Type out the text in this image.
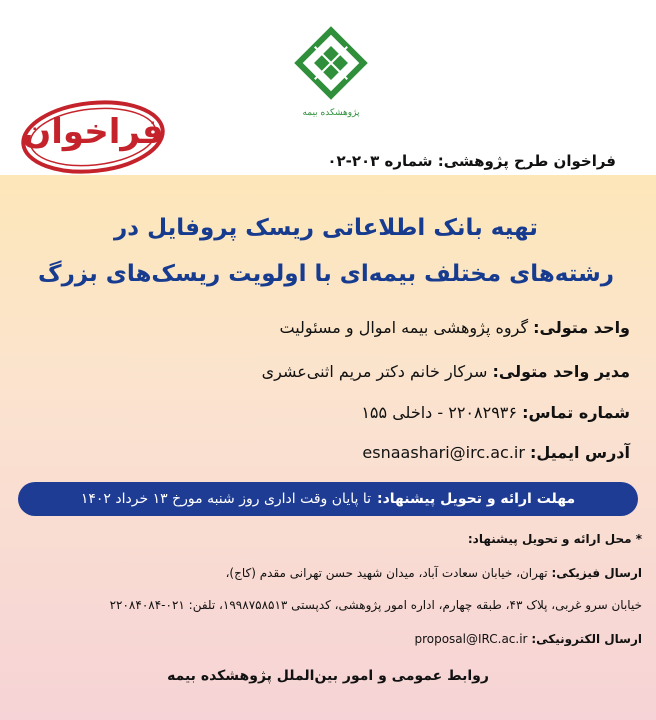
پژوهشکده بیمه
فراخوان
فراخوان طرح پژوهشی: شماره ۲۰۳-۰۲
تهیه بانک اطلاعاتی ریسک پروفایل در
رشته‌های مختلف بیمه‌ای با اولویت ریسک‌های بزرگ
واحد متولی: گروه پژوهشی بیمه اموال و مسئولیت
مدیر واحد متولی: سرکار خانم دکتر مریم اثنی‌عشری
شماره تماس: ۲۲۰۸۲۹۳۶ - داخلی ۱۵۵
آدرس ایمیل: esnaashari@irc.ac.ir
مهلت ارائه و تحویل پیشنهاد:
تا پایان وقت اداری روز شنبه مورخ ۱۳ خرداد ۱۴۰۲
* محل ارائه و تحویل پیشنهاد:
ارسال فیزیکی: تهران، خیابان سعادت آباد، میدان شهید حسن تهرانی مقدم (کاج)،
خیابان سرو غربی، پلاک ۴۳، طبقه چهارم، اداره امور پژوهشی، کدپستی ۱۹۹۸۷۵۸۵۱۳، تلفن: ۰۲۱-۲۲۰۸۴۰۸۴
ارسال الکترونیکی: proposal@IRC.ac.ir
روابط عمومی و امور بین‌الملل پژوهشکده بیمه
